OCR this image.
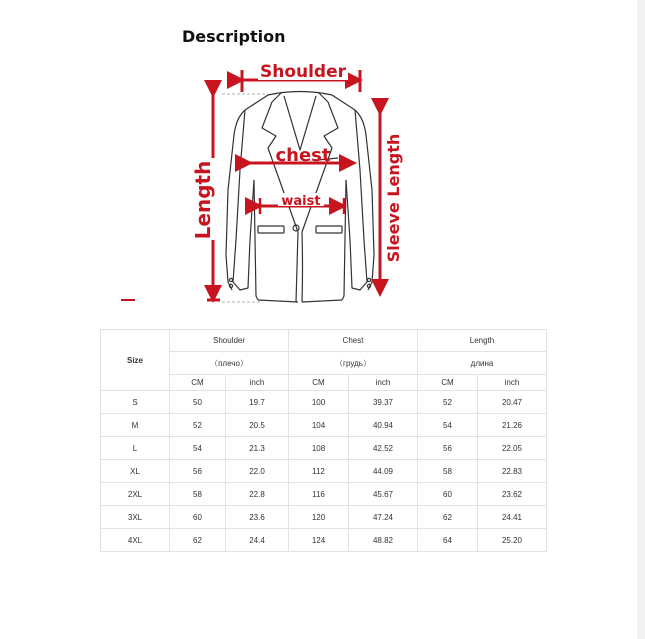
Description
Shoulder
chest
waist
Length	Sleeve Length
Size	Shoulder		Chest		Length	
	（плечо）		（грудь）		длина	
	CM	inch	CM	inch	CM	inch
S	50	19.7	100	39.37	52	20.47
M	52	20.5	104	40.94	54	21.26
L	54	21.3	108	42.52	56	22.05
XL	56	22.0	112	44.09	58	22.83
2XL	58	22.8	116	45.67	60	23.62
3XL	60	23.6	120	47.24	62	24.41
4XL	62	24.4	124	48.82	64	25.20
